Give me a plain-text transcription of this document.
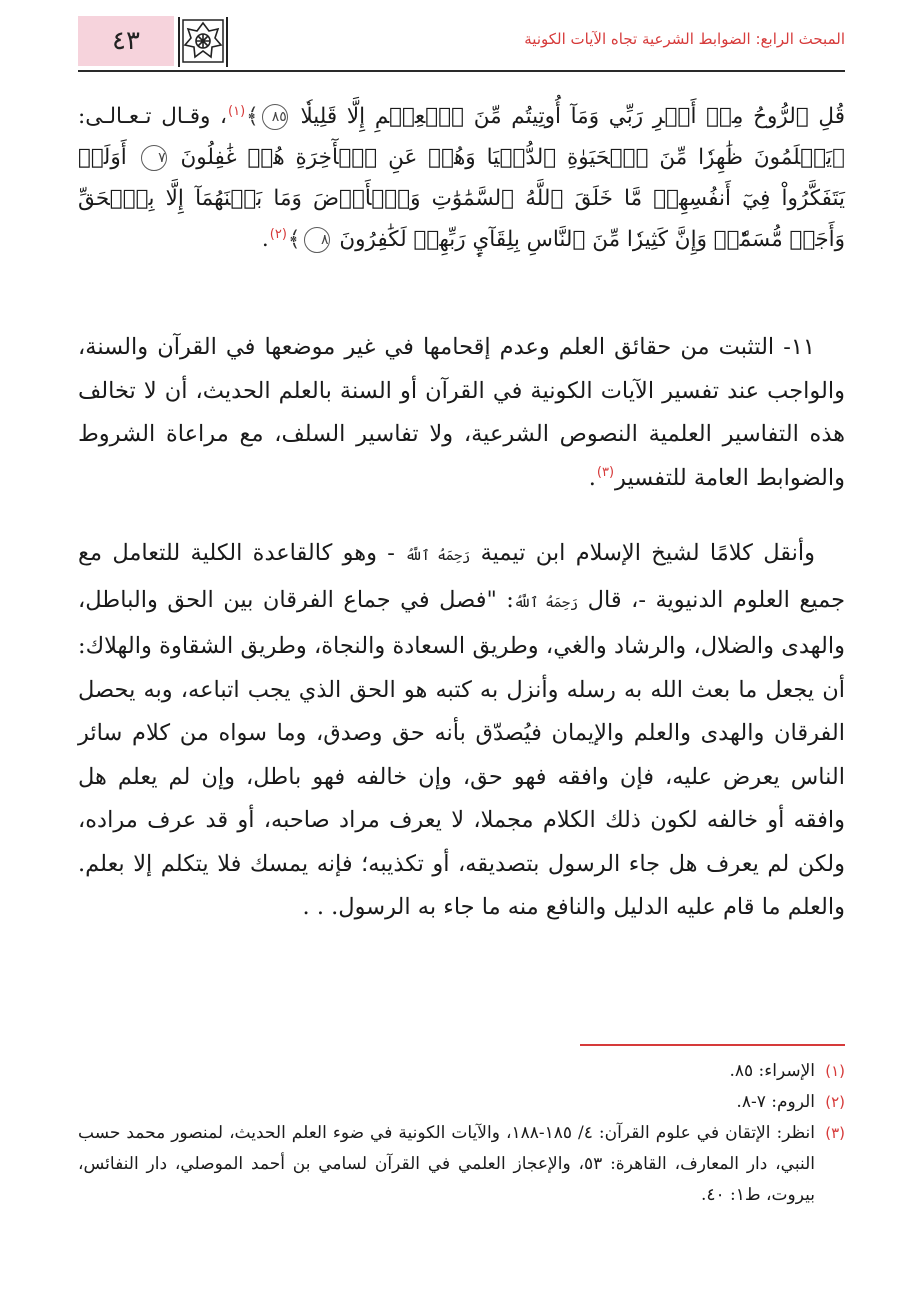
٤٣	المبحث الرابع: الضوابط الشرعية تجاه الآيات الكونية

قُلِ ٱلرُّوحُ مِنۡ أَمۡرِ رَبِّي وَمَآ أُوتِيتُم مِّنَ ٱلۡعِلۡمِ إِلَّا قَلِيلٗا ٨٥﴾$^{(١)}$، وقـال تـعـالـى: ﴿يَعۡلَمُونَ ظَٰهِرٗا مِّنَ ٱلۡحَيَوٰةِ ٱلدُّنۡيَا وَهُمۡ عَنِ ٱلۡأٓخِرَةِ هُمۡ غَٰفِلُونَ ٧ أَوَلَمۡ يَتَفَكَّرُواْ فِيٓ أَنفُسِهِمۗ مَّا خَلَقَ ٱللَّهُ ٱلسَّمَٰوَٰتِ وَٱلۡأَرۡضَ وَمَا بَيۡنَهُمَآ إِلَّا بِٱلۡحَقِّ وَأَجَلٖ مُّسَمّٗىۗ وَإِنَّ كَثِيرٗا مِّنَ ٱلنَّاسِ بِلِقَآيِٕ رَبِّهِمۡ لَكَٰفِرُونَ ٨﴾$^{(٢)}$.

١١- التثبت من حقائق العلم وعدم إقحامها في غير موضعها في القرآن والسنة، والواجب عند تفسير الآيات الكونية في القرآن أو السنة بالعلم الحديث، أن لا تخالف هذه التفاسير العلمية النصوص الشرعية، ولا تفاسير السلف، مع مراعاة الشروط والضوابط العامة للتفسير$^{(٣)}$.

وأنقل كلامًا لشيخ الإسلام ابن تيمية رَحِمَهُ ٱللَّهُ - وهو كالقاعدة الكلية للتعامل مع جميع العلوم الدنيوية -، قال رَحِمَهُ ٱللَّهُ: "فصل في جماع الفرقان بين الحق والباطل، والهدى والضلال، والرشاد والغي، وطريق السعادة والنجاة، وطريق الشقاوة والهلاك: أن يجعل ما بعث الله به رسله وأنزل به كتبه هو الحق الذي يجب اتباعه، وبه يحصل الفرقان والهدى والعلم والإيمان فيُصدّق بأنه حق وصدق، وما سواه من كلام سائر الناس يعرض عليه، فإن وافقه فهو حق، وإن خالفه فهو باطل، وإن لم يعلم هل وافقه أو خالفه لكون ذلك الكلام مجملا، لا يعرف مراد صاحبه، أو قد عرف مراده، ولكن لم يعرف هل جاء الرسول بتصديقه، أو تكذيبه؛ فإنه يمسك فلا يتكلم إلا بعلم. والعلم ما قام عليه الدليل والنافع منه ما جاء به الرسول. . .

(١)
الإسراء: ٨٥.
(٢)
الروم: ٧-٨.
(٣)
انظر: الإتقان في علوم القرآن: ٤/ ١٨٥-١٨٨، والآيات الكونية في ضوء العلم الحديث، لمنصور محمد حسب النبي، دار المعارف، القاهرة: ٥٣، والإعجاز العلمي في القرآن لسامي بن أحمد الموصلي، دار النفائس، بيروت، ط١: ٤٠.
